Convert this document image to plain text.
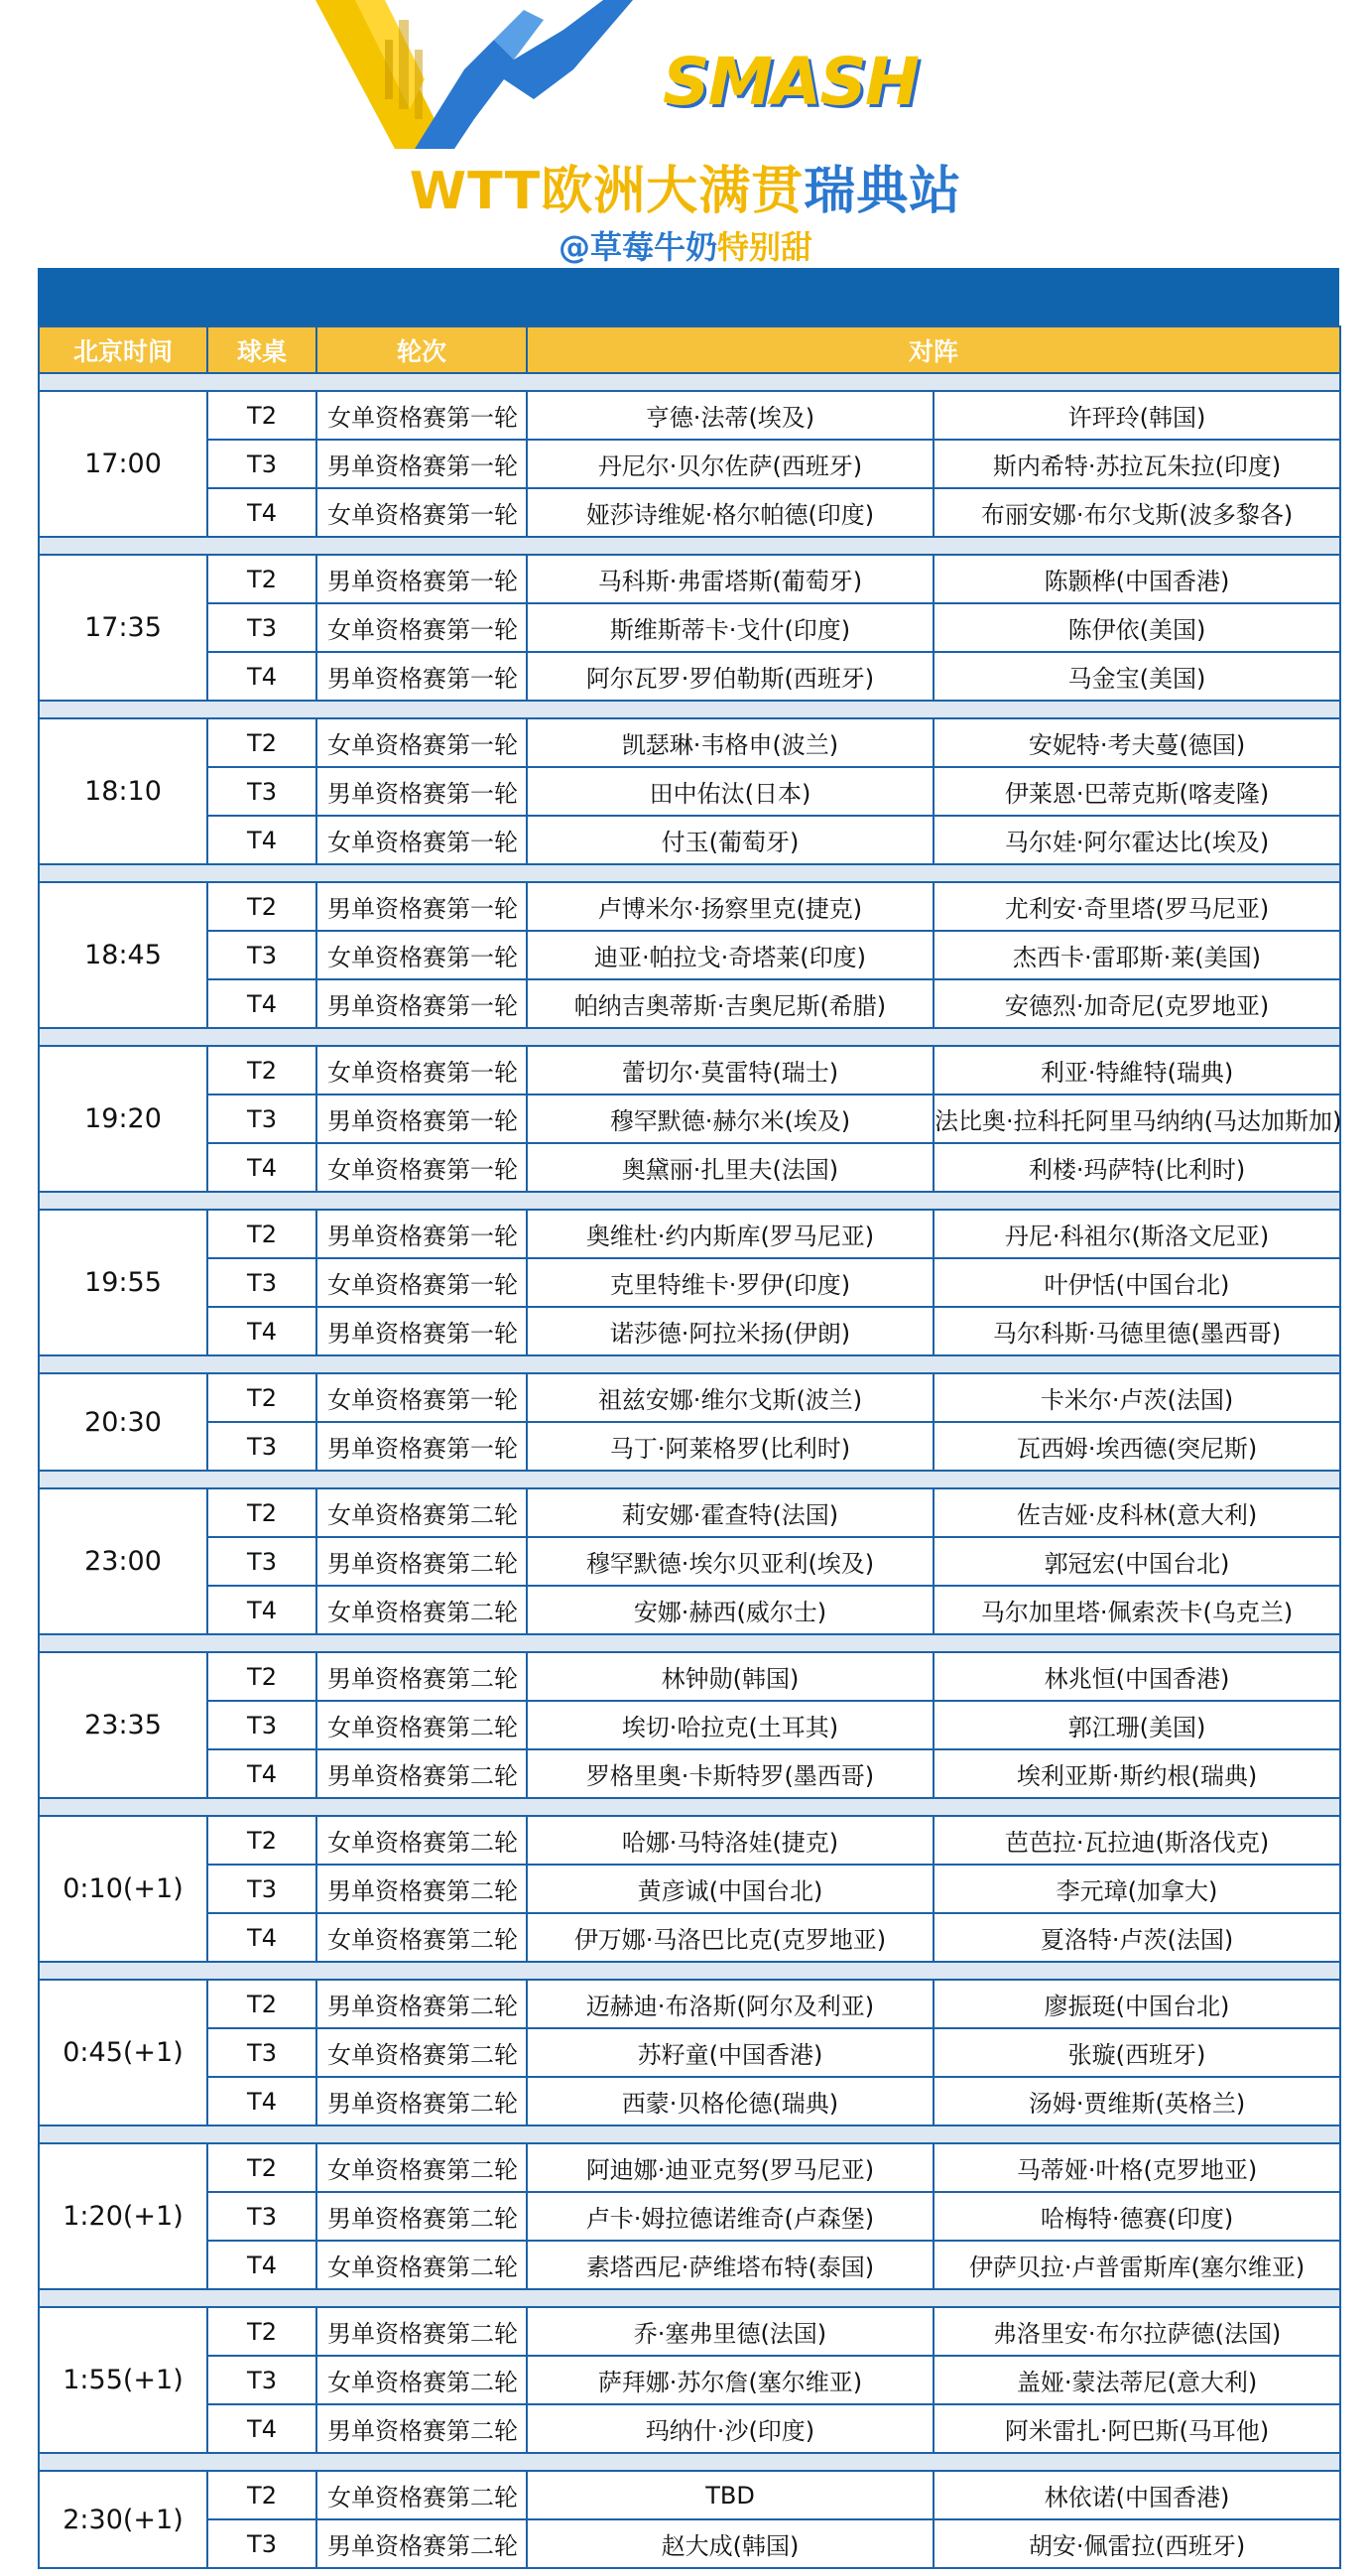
SMASH
WTT欧洲大满贯瑞典站
@草莓牛奶特别甜
北京时间	球桌	轮次	对阵	

17:00	T2	女单资格赛第一轮	亨德·法蒂(埃及)	许玶玲(韩国)
	T3	男单资格赛第一轮	丹尼尔·贝尔佐萨(西班牙)	斯内希特·苏拉瓦朱拉(印度)
	T4	女单资格赛第一轮	娅莎诗维妮·格尔帕德(印度)	布丽安娜·布尔戈斯(波多黎各)

17:35	T2	男单资格赛第一轮	马科斯·弗雷塔斯(葡萄牙)	陈颢桦(中国香港)
	T3	女单资格赛第一轮	斯维斯蒂卡·戈什(印度)	陈伊依(美国)
	T4	男单资格赛第一轮	阿尔瓦罗·罗伯勒斯(西班牙)	马金宝(美国)

18:10	T2	女单资格赛第一轮	凯瑟琳·韦格申(波兰)	安妮特·考夫蔓(德国)
	T3	男单资格赛第一轮	田中佑汰(日本)	伊莱恩·巴蒂克斯(喀麦隆)
	T4	女单资格赛第一轮	付玉(葡萄牙)	马尔娃·阿尔霍达比(埃及)

18:45	T2	男单资格赛第一轮	卢博米尔·扬察里克(捷克)	尤利安·奇里塔(罗马尼亚)
	T3	女单资格赛第一轮	迪亚·帕拉戈·奇塔莱(印度)	杰西卡·雷耶斯·莱(美国)
	T4	男单资格赛第一轮	帕纳吉奥蒂斯·吉奥尼斯(希腊)	安德烈·加奇尼(克罗地亚)

19:20	T2	女单资格赛第一轮	蕾切尔·莫雷特(瑞士)	利亚·特維特(瑞典)
	T3	男单资格赛第一轮	穆罕默德·赫尔米(埃及)	法比奥·拉科托阿里马纳纳(马达加斯加)
	T4	女单资格赛第一轮	奥黛丽·扎里夫(法国)	利楼·玛萨特(比利时)

19:55	T2	男单资格赛第一轮	奥维杜·约内斯库(罗马尼亚)	丹尼·科祖尔(斯洛文尼亚)
	T3	女单资格赛第一轮	克里特维卡·罗伊(印度)	叶伊恬(中国台北)
	T4	男单资格赛第一轮	诺莎德·阿拉米扬(伊朗)	马尔科斯·马德里德(墨西哥)

20:30	T2	女单资格赛第一轮	祖兹安娜·维尔戈斯(波兰)	卡米尔·卢茨(法国)
	T3	男单资格赛第一轮	马丁·阿莱格罗(比利时)	瓦西姆·埃西德(突尼斯)

23:00	T2	女单资格赛第二轮	莉安娜·霍查特(法国)	佐吉娅·皮科林(意大利)
	T3	男单资格赛第二轮	穆罕默德·埃尔贝亚利(埃及)	郭冠宏(中国台北)
	T4	女单资格赛第二轮	安娜·赫西(威尔士)	马尔加里塔·佩索茨卡(乌克兰)

23:35	T2	男单资格赛第二轮	林钟勋(韩国)	林兆恒(中国香港)
	T3	女单资格赛第二轮	埃切·哈拉克(土耳其)	郭江珊(美国)
	T4	男单资格赛第二轮	罗格里奥·卡斯特罗(墨西哥)	埃利亚斯·斯约根(瑞典)

0:10(+1)	T2	女单资格赛第二轮	哈娜·马特洛娃(捷克)	芭芭拉·瓦拉迪(斯洛伐克)
	T3	男单资格赛第二轮	黄彦诚(中国台北)	李元璋(加拿大)
	T4	女单资格赛第二轮	伊万娜·马洛巴比克(克罗地亚)	夏洛特·卢茨(法国)

0:45(+1)	T2	男单资格赛第二轮	迈赫迪·布洛斯(阿尔及利亚)	廖振珽(中国台北)
	T3	女单资格赛第二轮	苏籽童(中国香港)	张璇(西班牙)
	T4	男单资格赛第二轮	西蒙·贝格伦德(瑞典)	汤姆·贾维斯(英格兰)

1:20(+1)	T2	女单资格赛第二轮	阿迪娜·迪亚克努(罗马尼亚)	马蒂娅·叶格(克罗地亚)
	T3	男单资格赛第二轮	卢卡·姆拉德诺维奇(卢森堡)	哈梅特·德赛(印度)
	T4	女单资格赛第二轮	素塔西尼·萨维塔布特(泰国)	伊萨贝拉·卢普雷斯库(塞尔维亚)

1:55(+1)	T2	男单资格赛第二轮	乔·塞弗里德(法国)	弗洛里安·布尔拉萨德(法国)
	T3	女单资格赛第二轮	萨拜娜·苏尔詹(塞尔维亚)	盖娅·蒙法蒂尼(意大利)
	T4	男单资格赛第二轮	玛纳什·沙(印度)	阿米雷扎·阿巴斯(马耳他)

2:30(+1)	T2	女单资格赛第二轮	TBD	林依诺(中国香港)
	T3	男单资格赛第二轮	赵大成(韩国)	胡安·佩雷拉(西班牙)
